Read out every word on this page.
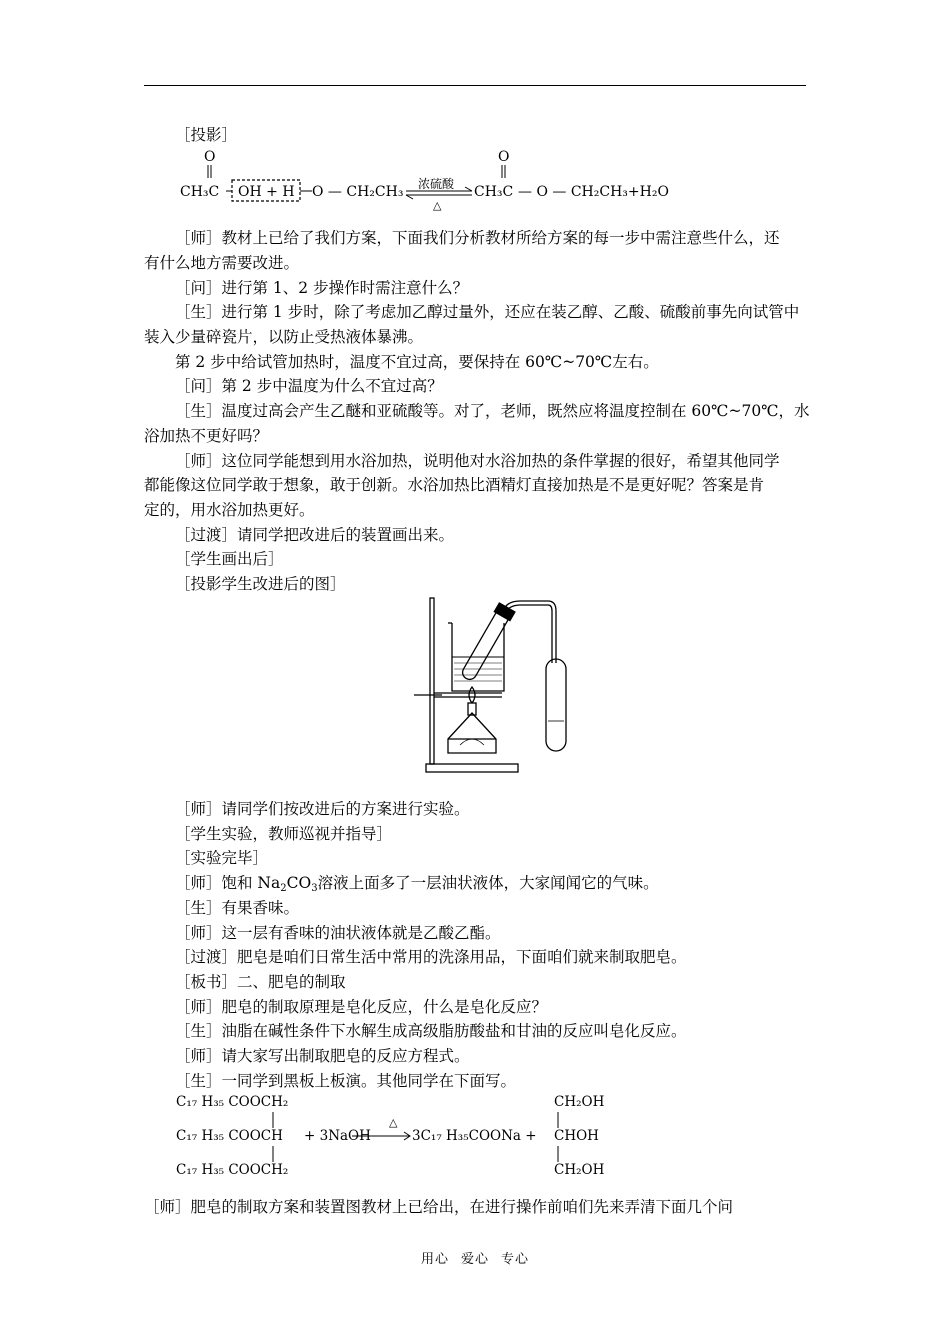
［投影］
O
CH₃C OH + H O — CH₂CH₃ 浓硫酸
△
O
CH₃C — O — CH₂CH₃+H₂O
［师］教材上已给了我们方案，下面我们分析教材所给方案的每一步中需注意些什么，还
有什么地方需要改进。
［问］进行第 1、2 步操作时需注意什么？
［生］进行第 1 步时，除了考虑加乙醇过量外，还应在装乙醇、乙酸、硫酸前事先向试管中
装入少量碎瓷片，以防止受热液体暴沸。
第 2 步中给试管加热时，温度不宜过高，要保持在 60℃~70℃左右。
［问］第 2 步中温度为什么不宜过高？
［生］温度过高会产生乙醚和亚硫酸等。对了，老师，既然应将温度控制在 60℃~70℃，水
浴加热不更好吗？
［师］这位同学能想到用水浴加热，说明他对水浴加热的条件掌握的很好，希望其他同学
都能像这位同学敢于想象，敢于创新。水浴加热比酒精灯直接加热是不是更好呢？答案是肯
定的，用水浴加热更好。
［过渡］请同学把改进后的装置画出来。
［学生画出后］
［投影学生改进后的图］
［师］请同学们按改进后的方案进行实验。
［学生实验，教师巡视并指导］
［实验完毕］
［师］饱和 $Na_2CO_3$溶液上面多了一层油状液体，大家闻闻它的气味。
［生］有果香味。
［师］这一层有香味的油状液体就是乙酸乙酯。
［过渡］肥皂是咱们日常生活中常用的洗涤用品，下面咱们就来制取肥皂。
［板书］二、肥皂的制取
［师］肥皂的制取原理是皂化反应，什么是皂化反应？
［生］油脂在碱性条件下水解生成高级脂肪酸盐和甘油的反应叫皂化反应。
［师］请大家写出制取肥皂的反应方程式。
［生］一同学到黑板上板演。其他同学在下面写。
C₁₇ H₃₅ COOCH₂
C₁₇ H₃₅ COOCH
C₁₇ H₃₅ COOCH₂
+ 3NaOH
△
3C₁₇ H₃₅COONa +
CH₂OH
CHOH
CH₂OH
［师］肥皂的制取方案和装置图教材上已给出，在进行操作前咱们先来弄清下面几个问
用心 爱心 专心
